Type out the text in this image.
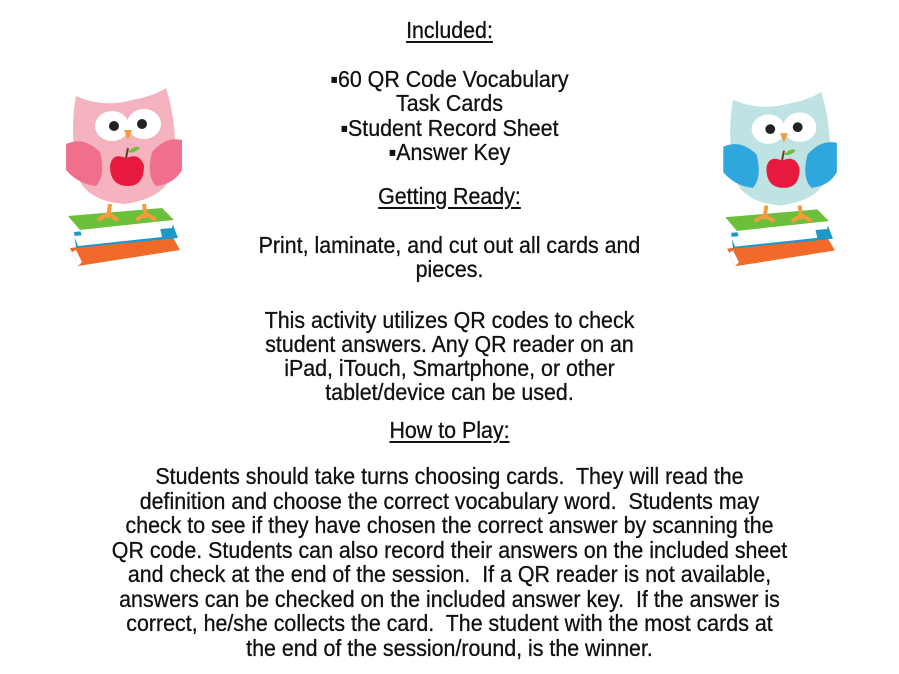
Included:
▪60 QR Code Vocabulary
Task Cards
▪Student Record Sheet
▪Answer Key
Getting Ready:
Print, laminate, and cut out all cards and
pieces.
This activity utilizes QR codes to check
student answers. Any QR reader on an
iPad, iTouch, Smartphone, or other
tablet/device can be used.
How to Play:
Students should take turns choosing cards.  They will read the
definition and choose the correct vocabulary word.  Students may
check to see if they have chosen the correct answer by scanning the
QR code. Students can also record their answers on the included sheet
and check at the end of the session.  If a QR reader is not available,
answers can be checked on the included answer key.  If the answer is
correct, he/she collects the card.  The student with the most cards at
the end of the session/round, is the winner.
